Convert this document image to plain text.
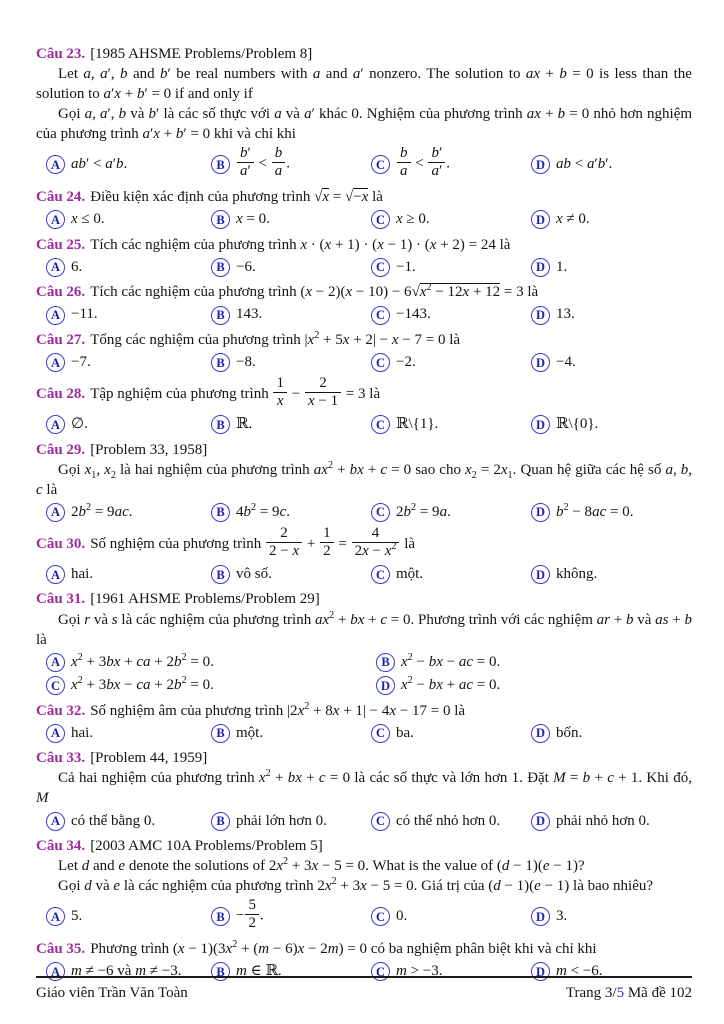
Câu 23. [1985 AHSME Problems/Problem 8]

Let a, a′, b and b′ be real numbers with a and a′ nonzero. The solution to ax + b = 0 is less than the solution to a′x + b′ = 0 if and only if

Gọi a, a′, b và b′ là các số thực với a và a′ khác 0. Nghiệm của phương trình ax + b = 0 nhỏ hơn nghiệm của phương trình a′x + b′ = 0 khi và chỉ khi

A ab′ < a′b.	B $\frac{b'}{a'} < \frac{b}{a}$ .	C $\frac{b}{a} < \frac{b'}{a'}$ .	D ab < a′b′.

Câu 24. Điều kiện xác định của phương trình √x = √−x là

A x ≤ 0.	B x = 0.	C x ≥ 0.	D x ≠ 0.

Câu 25. Tích các nghiệm của phương trình x · (x + 1) · (x − 1) · (x + 2) = 24 là

A 6.	B −6.	C −1.	D 1.

Câu 26. Tích các nghiệm của phương trình $(x - 2)(x - 10) - 6√x^2 - 12x + 12 = 3$ là

A −11.	B 143.	C −143.	D 13.

Câu 27. Tổng các nghiệm của phương trình $|x^2 + 5x + 2| - x - 7 = 0$ là

A −7.	B −8.	C −2.	D −4.

Câu 28. Tập nghiệm của phương trình $\frac{1}{x} - \frac{2}{x - 1} = 3$ là

A ∅.	B ℝ.	C ℝ\{1}.	D ℝ\{0}.

Câu 29. [Problem 33, 1958]

Gọi $x_1$, $x_2$ là hai nghiệm của phương trình $ax^2$ + bx + c = 0 sao cho $x_2 = 2x_1$. Quan hệ giữa các hệ số a, b, c là

A $2b^2 = 9ac$.	B $4b^2 = 9c$.	C $2b^2 = 9a$.	D $b^2 - 8ac = 0$.

Câu 30. Số nghiệm của phương trình $\frac{2}{2 - x} + \frac{1}{2} = \frac{4}{2x - x^2}$ là

A hai.	B vô số.	C một.	D không.

Câu 31. [1961 AHSME Problems/Problem 29]

Gọi r và s là các nghiệm của phương trình $ax^2$ + bx + c = 0. Phương trình với các nghiệm ar + b và as + b là

A $x^2 + 3bx$ + ca + $2b^2 = 0$.	B $x^2$ − bx − ac = 0.
C $x^2 + 3bx$ − ca + $2b^2 = 0$.	D $x^2$ − bx + ac = 0.

Câu 32. Số nghiệm âm của phương trình $|2x^2 + 8x + 1| - 4x - 17 = 0$ là

A hai.	B một.	C ba.	D bốn.

Câu 33. [Problem 44, 1959]

Cả hai nghiệm của phương trình $x^2$ + bx + c = 0 là các số thực và lớn hơn 1. Đặt M = b + c + 1. Khi đó, M

A có thể bằng 0.	B phải lớn hơn 0.	C có thể nhỏ hơn 0.	D phải nhỏ hơn 0.

Câu 34. [2003 AMC 10A Problems/Problem 5]

Let d and e denote the solutions of $2x^2 + 3x - 5 = 0$. What is the value of (d − 1)(e − 1)?

Gọi d và e là các nghiệm của phương trình $2x^2 + 3x - 5 = 0$. Giá trị của (d − 1)(e − 1) là bao nhiêu?

A 5.	$B - \frac{5}{2}$ .	C 0.	D 3.

Câu 35. Phương trình $(x - 1)(3x^2 + (m - 6)x - 2m) = 0$ có ba nghiệm phân biệt khi và chỉ khi

A m ≠ −6 và m ≠ −3.	B m ∈ ℝ.	C m > −3.	D m < −6.
Giáo viên Trần Văn Toàn	Trang 3/5 Mã đề 102
